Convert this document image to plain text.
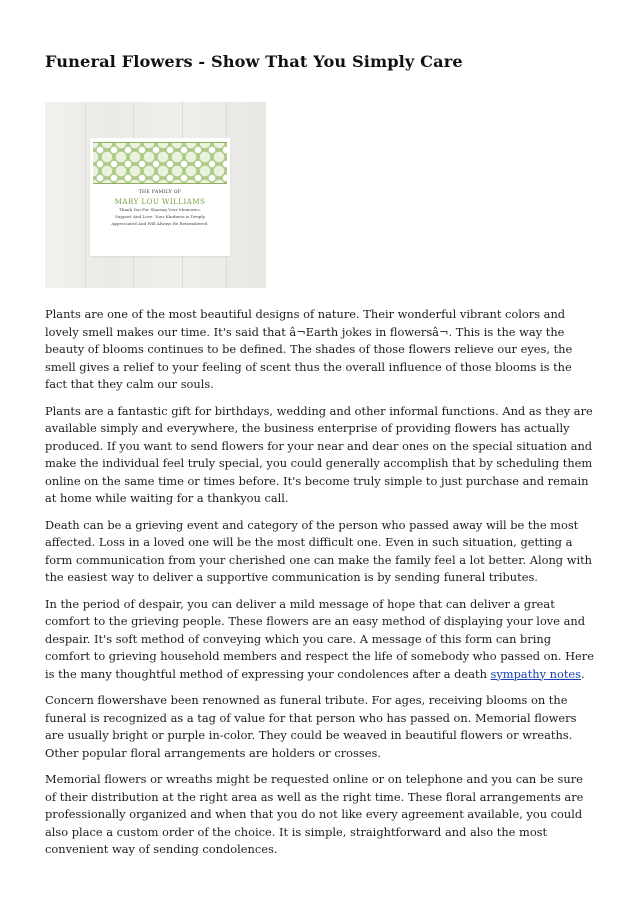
Funeral Flowers - Show That You Simply Care
THE FAMILY OF
MARY LOU WILLIAMS
Thank You For Sharing Your Memories,
Support And Love. Your Kindness is Deeply
Appreciated And Will Always Be Remembered.

Plants are one of the most beautiful designs of nature. Their wonderful vibrant colors and lovely smell makes our time. It's said that â¬Earth jokes in flowersâ¬. This is the way the beauty of blooms continues to be defined. The shades of those flowers relieve our eyes, the smell gives a relief to your feeling of scent thus the overall influence of those blooms is the fact that they calm our souls.

Plants are a fantastic gift for birthdays, wedding and other informal functions. And as they are available simply and everywhere, the business enterprise of providing flowers has actually produced. If you want to send flowers for your near and dear ones on the special situation and make the individual feel truly special, you could generally accomplish that by scheduling them online on the same time or times before. It's become truly simple to just purchase and remain at home while waiting for a thankyou call.

Death can be a grieving event and category of the person who passed away will be the most affected. Loss in a loved one will be the most difficult one. Even in such situation, getting a form communication from your cherished one can make the family feel a lot better. Along with the easiest way to deliver a supportive communication is by sending funeral tributes.

In the period of despair, you can deliver a mild message of hope that can deliver a great comfort to the grieving people. These flowers are an easy method of displaying your love and despair. It's soft method of conveying which you care. A message of this form can bring comfort to grieving household members and respect the life of somebody who passed on. Here is the many thoughtful method of expressing your condolences after a death sympathy notes.

Concern flowershave been renowned as funeral tribute. For ages, receiving blooms on the funeral is recognized as a tag of value for that person who has passed on. Memorial flowers are usually bright or purple in-color. They could be weaved in beautiful flowers or wreaths. Other popular floral arrangements are holders or crosses.

Memorial flowers or wreaths might be requested online or on telephone and you can be sure of their distribution at the right area as well as the right time. These floral arrangements are professionally organized and when that you do not like every agreement available, you could also place a custom order of the choice. It is simple, straightforward and also the most convenient way of sending condolences.
